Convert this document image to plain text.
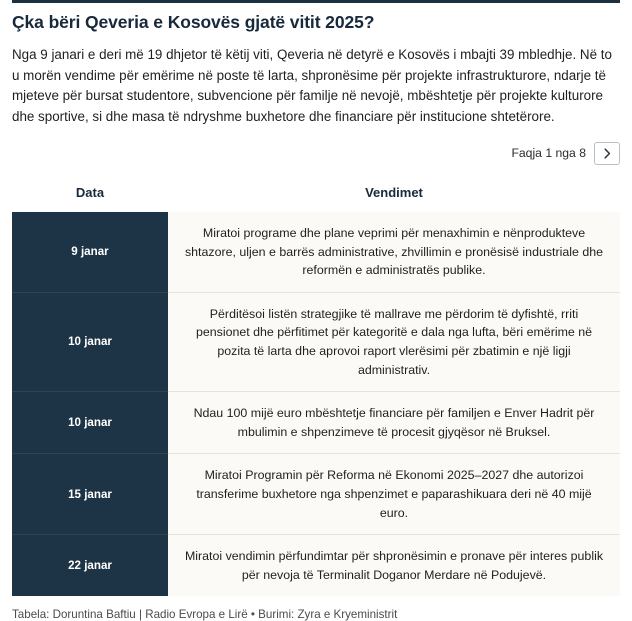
Çka bëri Qeveria e Kosovës gjatë vitit 2025?

Nga 9 janari e deri më 19 dhjetor të këtij viti, Qeveria në detyrë e Kosovës i mbajti 39 mbledhje. Në to u morën vendime për emërime në poste të larta, shpronësime për projekte infrastrukturore, ndarje të mjeteve për bursat studentore, subvencione për familje në nevojë, mbështetje për projekte kulturore dhe sportive, si dhe masa të ndryshme buxhetore dhe financiare për institucione shtetërore.

Faqja 1 nga 8
Data	Vendimet
9 janar	Miratoi programe dhe plane veprimi për menaxhimin e nënprodukteve shtazore, uljen e barrës administrative, zhvillimin e pronësisë industriale dhe reformën e administratës publike.
10 janar	Përditësoi listën strategjike të mallrave me përdorim të dyfishtë, rriti pensionet dhe përfitimet për kategoritë e dala nga lufta, bëri emërime në pozita të larta dhe aprovoi raport vlerësimi për zbatimin e një ligji administrativ.
10 janar	Ndau 100 mijë euro mbështetje financiare për familjen e Enver Hadrit për mbulimin e shpenzimeve të procesit gjyqësor në Bruksel.
15 janar	Miratoi Programin për Reforma në Ekonomi 2025–2027 dhe autorizoi transferime buxhetore nga shpenzimet e paparashikuara deri në 40 mijë euro.
22 janar	Miratoi vendimin përfundimtar për shpronësimin e pronave për interes publik për nevoja të Terminalit Doganor Merdare në Podujevë.

Tabela: Doruntina Baftiu | Radio Evropa e Lirë • Burimi: Zyra e Kryeministrit
